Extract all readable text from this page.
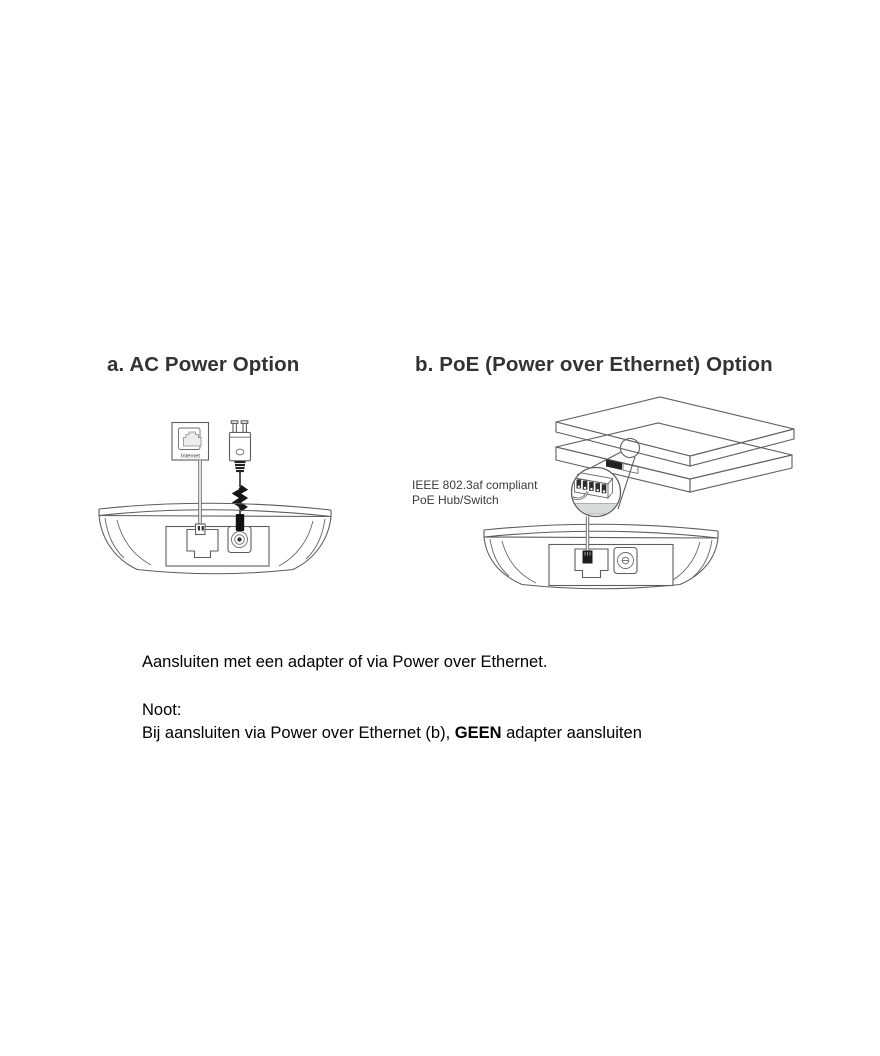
a. AC Power Option	b. PoE (Power over Ethernet) Option
Internet
IEEE 802.3af compliant
PoE Hub/Switch

Aansluiten met een adapter of via Power over Ethernet.

Noot:
Bij aansluiten via Power over Ethernet (b), GEEN adapter aansluiten
